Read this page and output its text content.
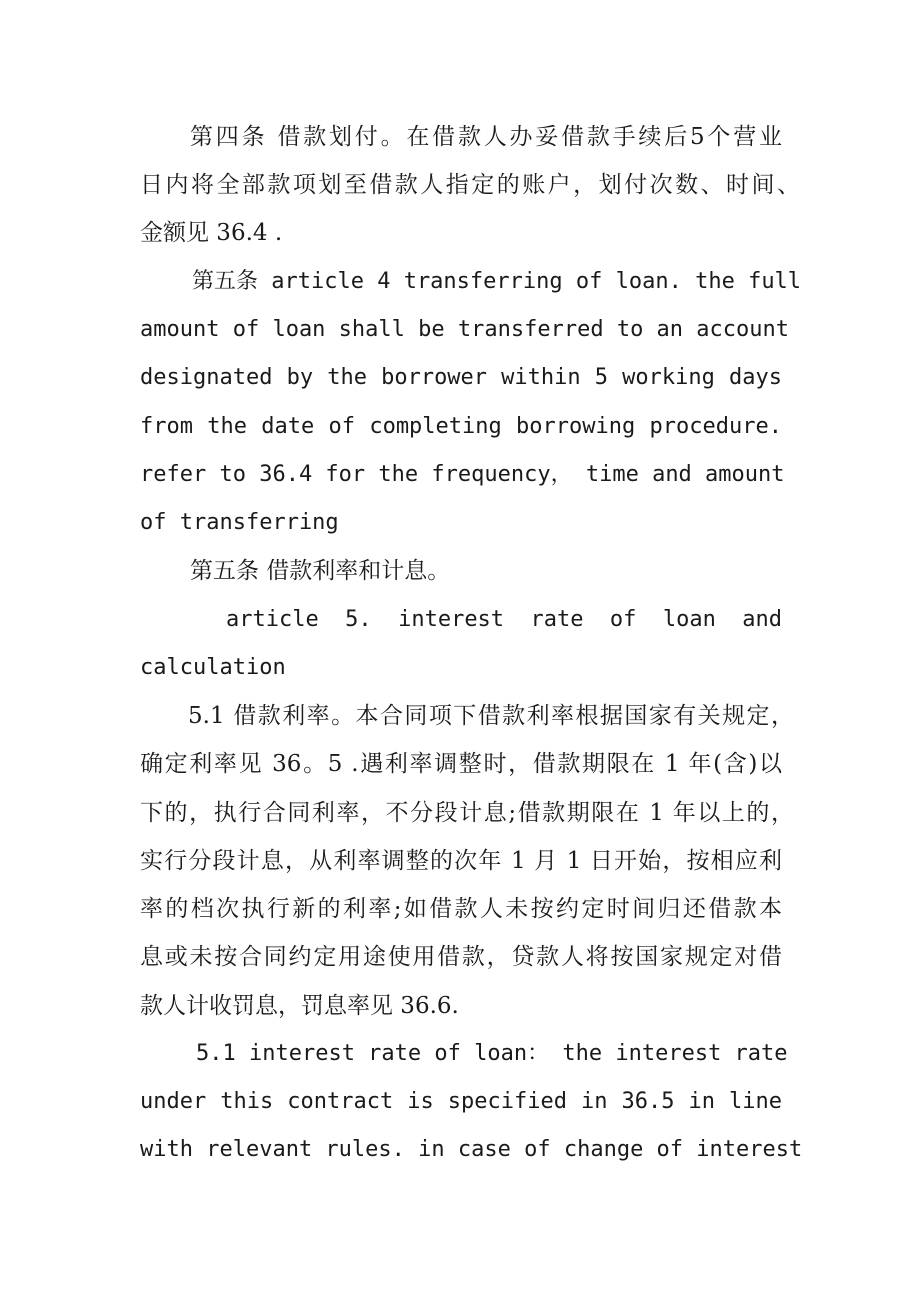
第四条 借款划付。在借款人办妥借款手续后5个营业
日内将全部款项划至借款人指定的账户，划付次数、时间、
金额见 36.4 .
第五条 article 4 transferring of loan. the full
amount of loan shall be transferred to an account
designated by the borrower within 5 working days
from the date of completing borrowing procedure.
refer to 36.4 for the frequency， time and amount
of transferring
第五条 借款利率和计息。
article 5. interest rate of loan and
calculation
5.1 借款利率。本合同项下借款利率根据国家有关规定，
确定利率见 36。5 .遇利率调整时，借款期限在 1 年(含)以
下的，执行合同利率，不分段计息;借款期限在 1 年以上的，
实行分段计息，从利率调整的次年 1 月 1 日开始，按相应利
率的档次执行新的利率;如借款人未按约定时间归还借款本
息或未按合同约定用途使用借款，贷款人将按国家规定对借
款人计收罚息，罚息率见 36.6.
5.1 interest rate of loan： the interest rate
under this contract is specified in 36.5 in line
with relevant rules. in case of change of interest
